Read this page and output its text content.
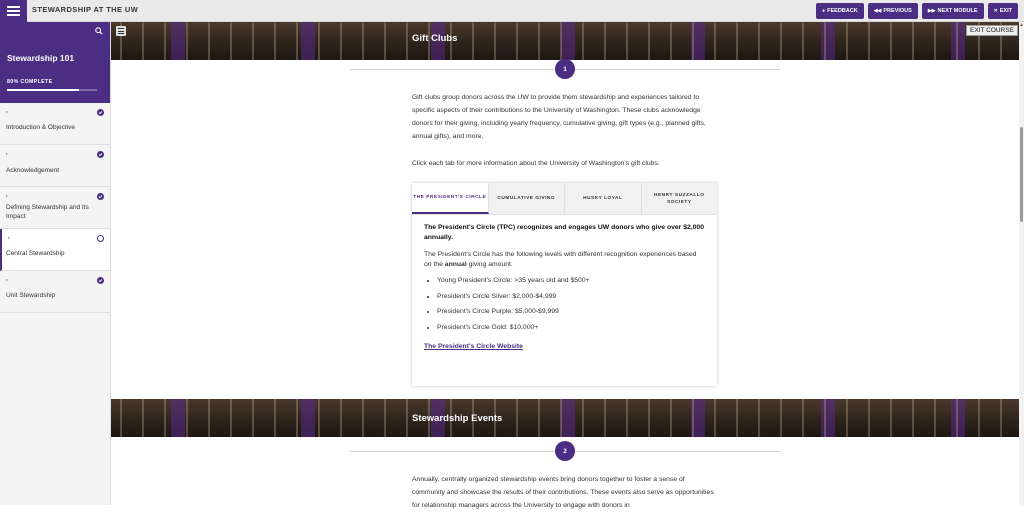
STEWARDSHIP AT THE UW	● FEEDBACK	◀◀ PREVIOUS	▶▶ NEXT MODULE	✕ EXIT
Stewardship 101
80% COMPLETE
▸
Introduction & Objective
▸
Acknowledgement
▸
Defining Stewardship and Its Impact
▸
Central Stewardship
▸
Unit Stewardship
Gift Clubs
EXIT COURSE
1

Gift clubs group donors across the UW to provide them stewardship and experiences tailored to specific aspects of their contributions to the University of Washington. These clubs acknowledge donors for their giving, including yearly frequency, cumulative giving, gift types (e.g., planned gifts, annual gifts), and more.

Click each tab for more information about the University of Washington's gift clubs.

THE PRESIDENT'S CIRCLE	CUMULATIVE GIVING	HUSKY LOYAL
HENRY SUZZALLO SOCIETY

The President's Circle (TPC) recognizes and engages UW donors who give over $2,000 annually.

The President's Circle has the following levels with different recognition experiences based on the annual giving amount.

• Young President's Circle: >35 years old and $500+
• President's Circle Silver: $2,000-$4,999
• President's Circle Purple: $5,000-$9,999
• President's Circle Gold: $10,000+
The President's Circle Website
Stewardship Events
2

Annually, centrally organized stewardship events bring donors together to foster a sense of community and showcase the results of their contributions. These events also serve as opportunities for relationship managers across the University to engage with donors in

▲
